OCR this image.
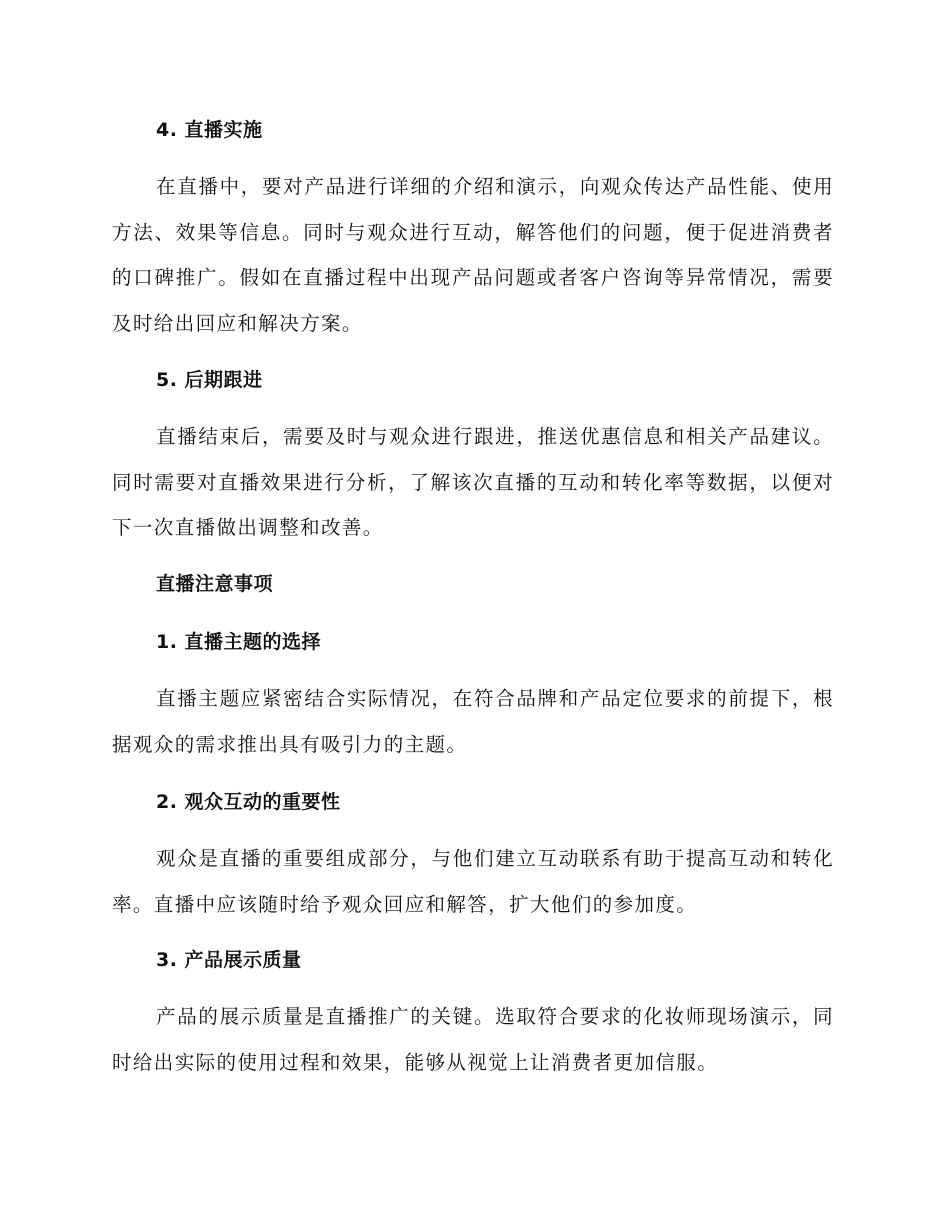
4. 直播实施

在直播中，要对产品进行详细的介绍和演示，向观众传达产品性能、使用方法、效果等信息。同时与观众进行互动，解答他们的问题，便于促进消费者的口碑推广。假如在直播过程中出现产品问题或者客户咨询等异常情况，需要及时给出回应和解决方案。

5. 后期跟进

直播结束后，需要及时与观众进行跟进，推送优惠信息和相关产品建议。同时需要对直播效果进行分析，了解该次直播的互动和转化率等数据，以便对下一次直播做出调整和改善。

直播注意事项
1. 直播主题的选择

直播主题应紧密结合实际情况，在符合品牌和产品定位要求的前提下，根据观众的需求推出具有吸引力的主题。

2. 观众互动的重要性

观众是直播的重要组成部分，与他们建立互动联系有助于提高互动和转化率。直播中应该随时给予观众回应和解答，扩大他们的参加度。

3. 产品展示质量

产品的展示质量是直播推广的关键。选取符合要求的化妆师现场演示，同时给出实际的使用过程和效果，能够从视觉上让消费者更加信服。
